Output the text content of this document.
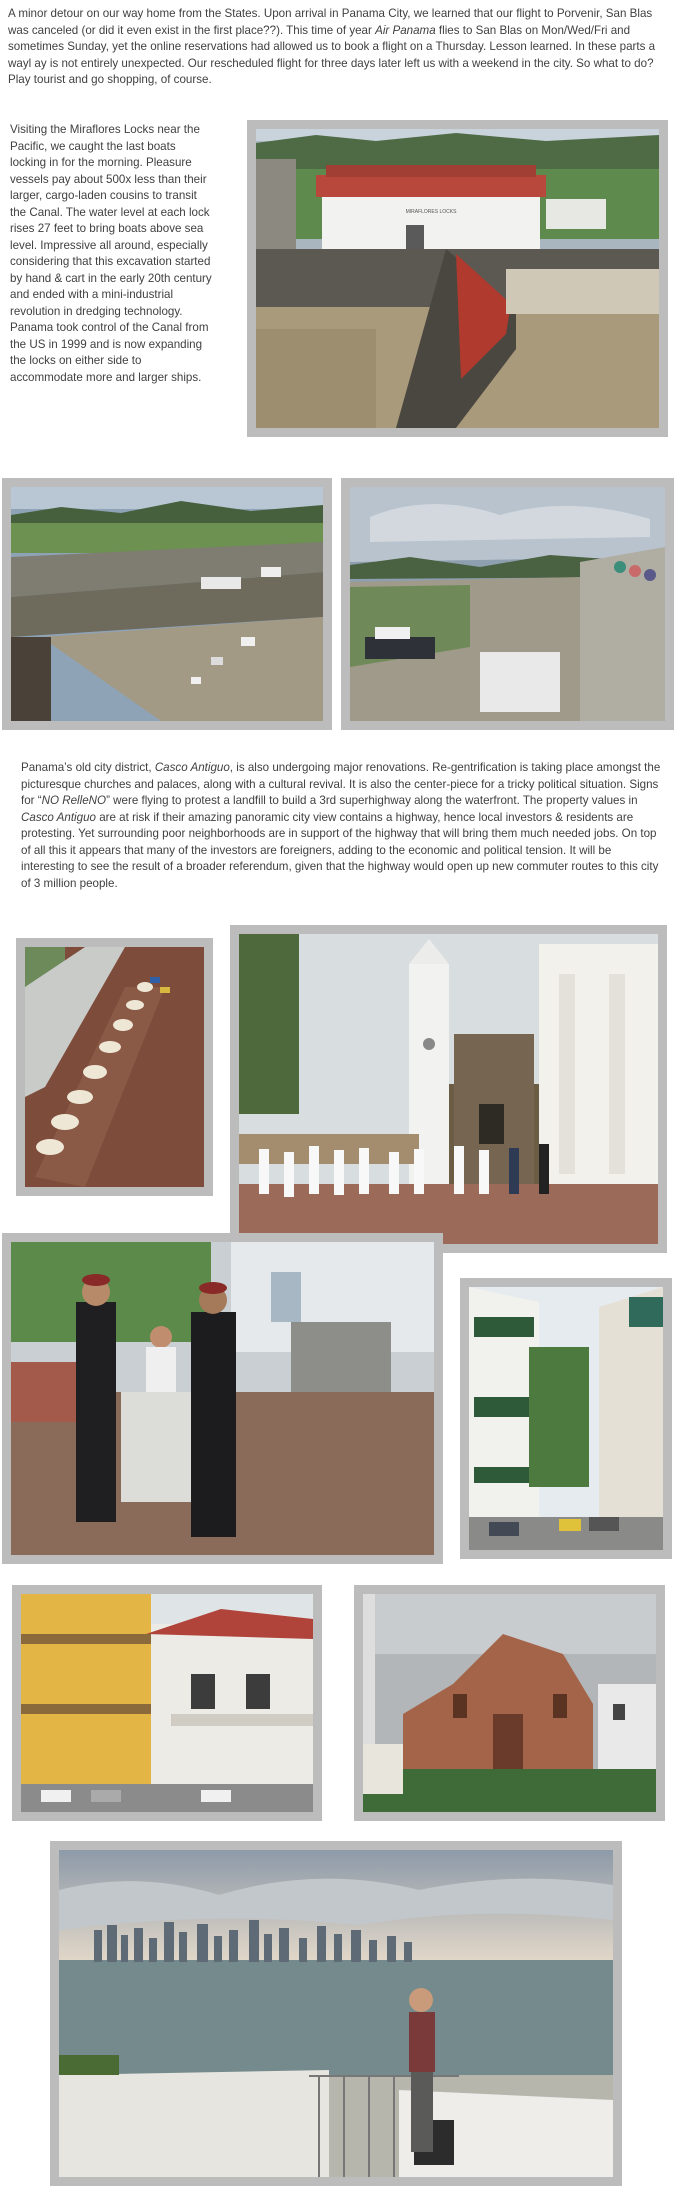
A minor detour on our way home from the States. Upon arrival in Panama City, we learned that our flight to Porvenir, San Blas was canceled (or did it even exist in the first place??). This time of year Air Panama flies to San Blas on Mon/Wed/Fri and sometimes Sunday, yet the online reservations had allowed us to book a flight on a Thursday. Lesson learned. In these parts a wayl ay is not entirely unexpected. Our rescheduled flight for three days later left us with a weekend in the city. So what to do? Play tourist and go shopping, of course.

Visiting the Miraflores Locks near the Pacific, we caught the last boats locking in for the morning. Pleasure vessels pay about 500x less than their larger, cargo-laden cousins to transit the Canal. The water level at each lock rises 27 feet to bring boats above sea level. Impressive all around, especially considering that this excavation started by hand & cart in the early 20th century and ended with a mini-industrial revolution in dredging technology. Panama took control of the Canal from the US in 1999 and is now expanding the locks on either side to accommodate more and larger ships.

MIRAFLORES LOCKS

Panama’s old city district, Casco Antiguo, is also undergoing major renovations. Re-gentrification is taking place amongst the picturesque churches and palaces, along with a cultural revival. It is also the center-piece for a tricky political situation. Signs for “NO RelleNO” were flying to protest a landfill to build a 3rd superhighway along the waterfront. The property values in Casco Antiguo are at risk if their amazing panoramic city view contains a highway, hence local investors & residents are protesting. Yet surrounding poor neighborhoods are in support of the highway that will bring them much needed jobs. On top of all this it appears that many of the investors are foreigners, adding to the economic and political tension. It will be interesting to see the result of a broader referendum, given that the highway would open up new commuter routes to this city of 3 million people.
